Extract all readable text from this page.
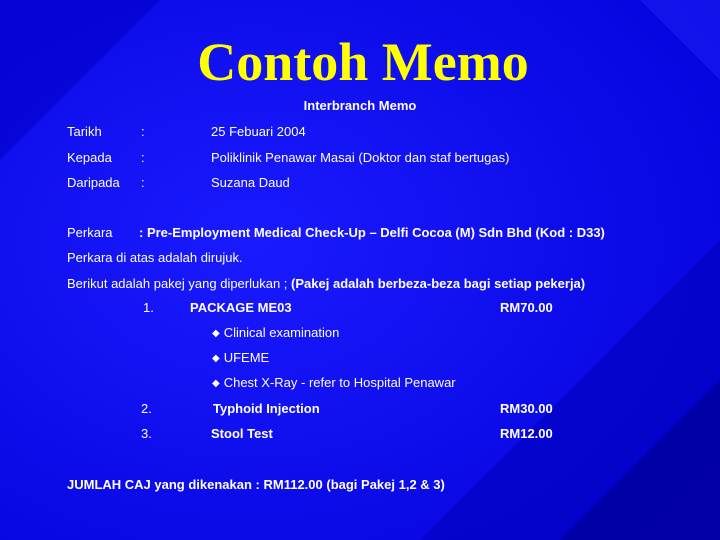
Contoh Memo
Interbranch Memo
Tarikh	:	25 Febuari 2004
Kepada :	Poliklinik Penawar Masai (Doktor dan staf bertugas)
Daripada :	Suzana Daud
Perkara : Pre-Employment Medical Check-Up – Delfi Cocoa (M) Sdn Bhd (Kod : D33)
Perkara di atas adalah dirujuk.
Berikut adalah pakej yang diperlukan ; (Pakej adalah berbeza-beza bagi setiap pekerja)
1.	PACKAGE ME03	RM70.00
◆ Clinical examination
◆ UFEME
◆ Chest X-Ray - refer to Hospital Penawar
2.	Typhoid Injection	RM30.00
3.	Stool Test	RM12.00
JUMLAH CAJ yang dikenakan : RM112.00 (bagi Pakej 1,2 & 3)
